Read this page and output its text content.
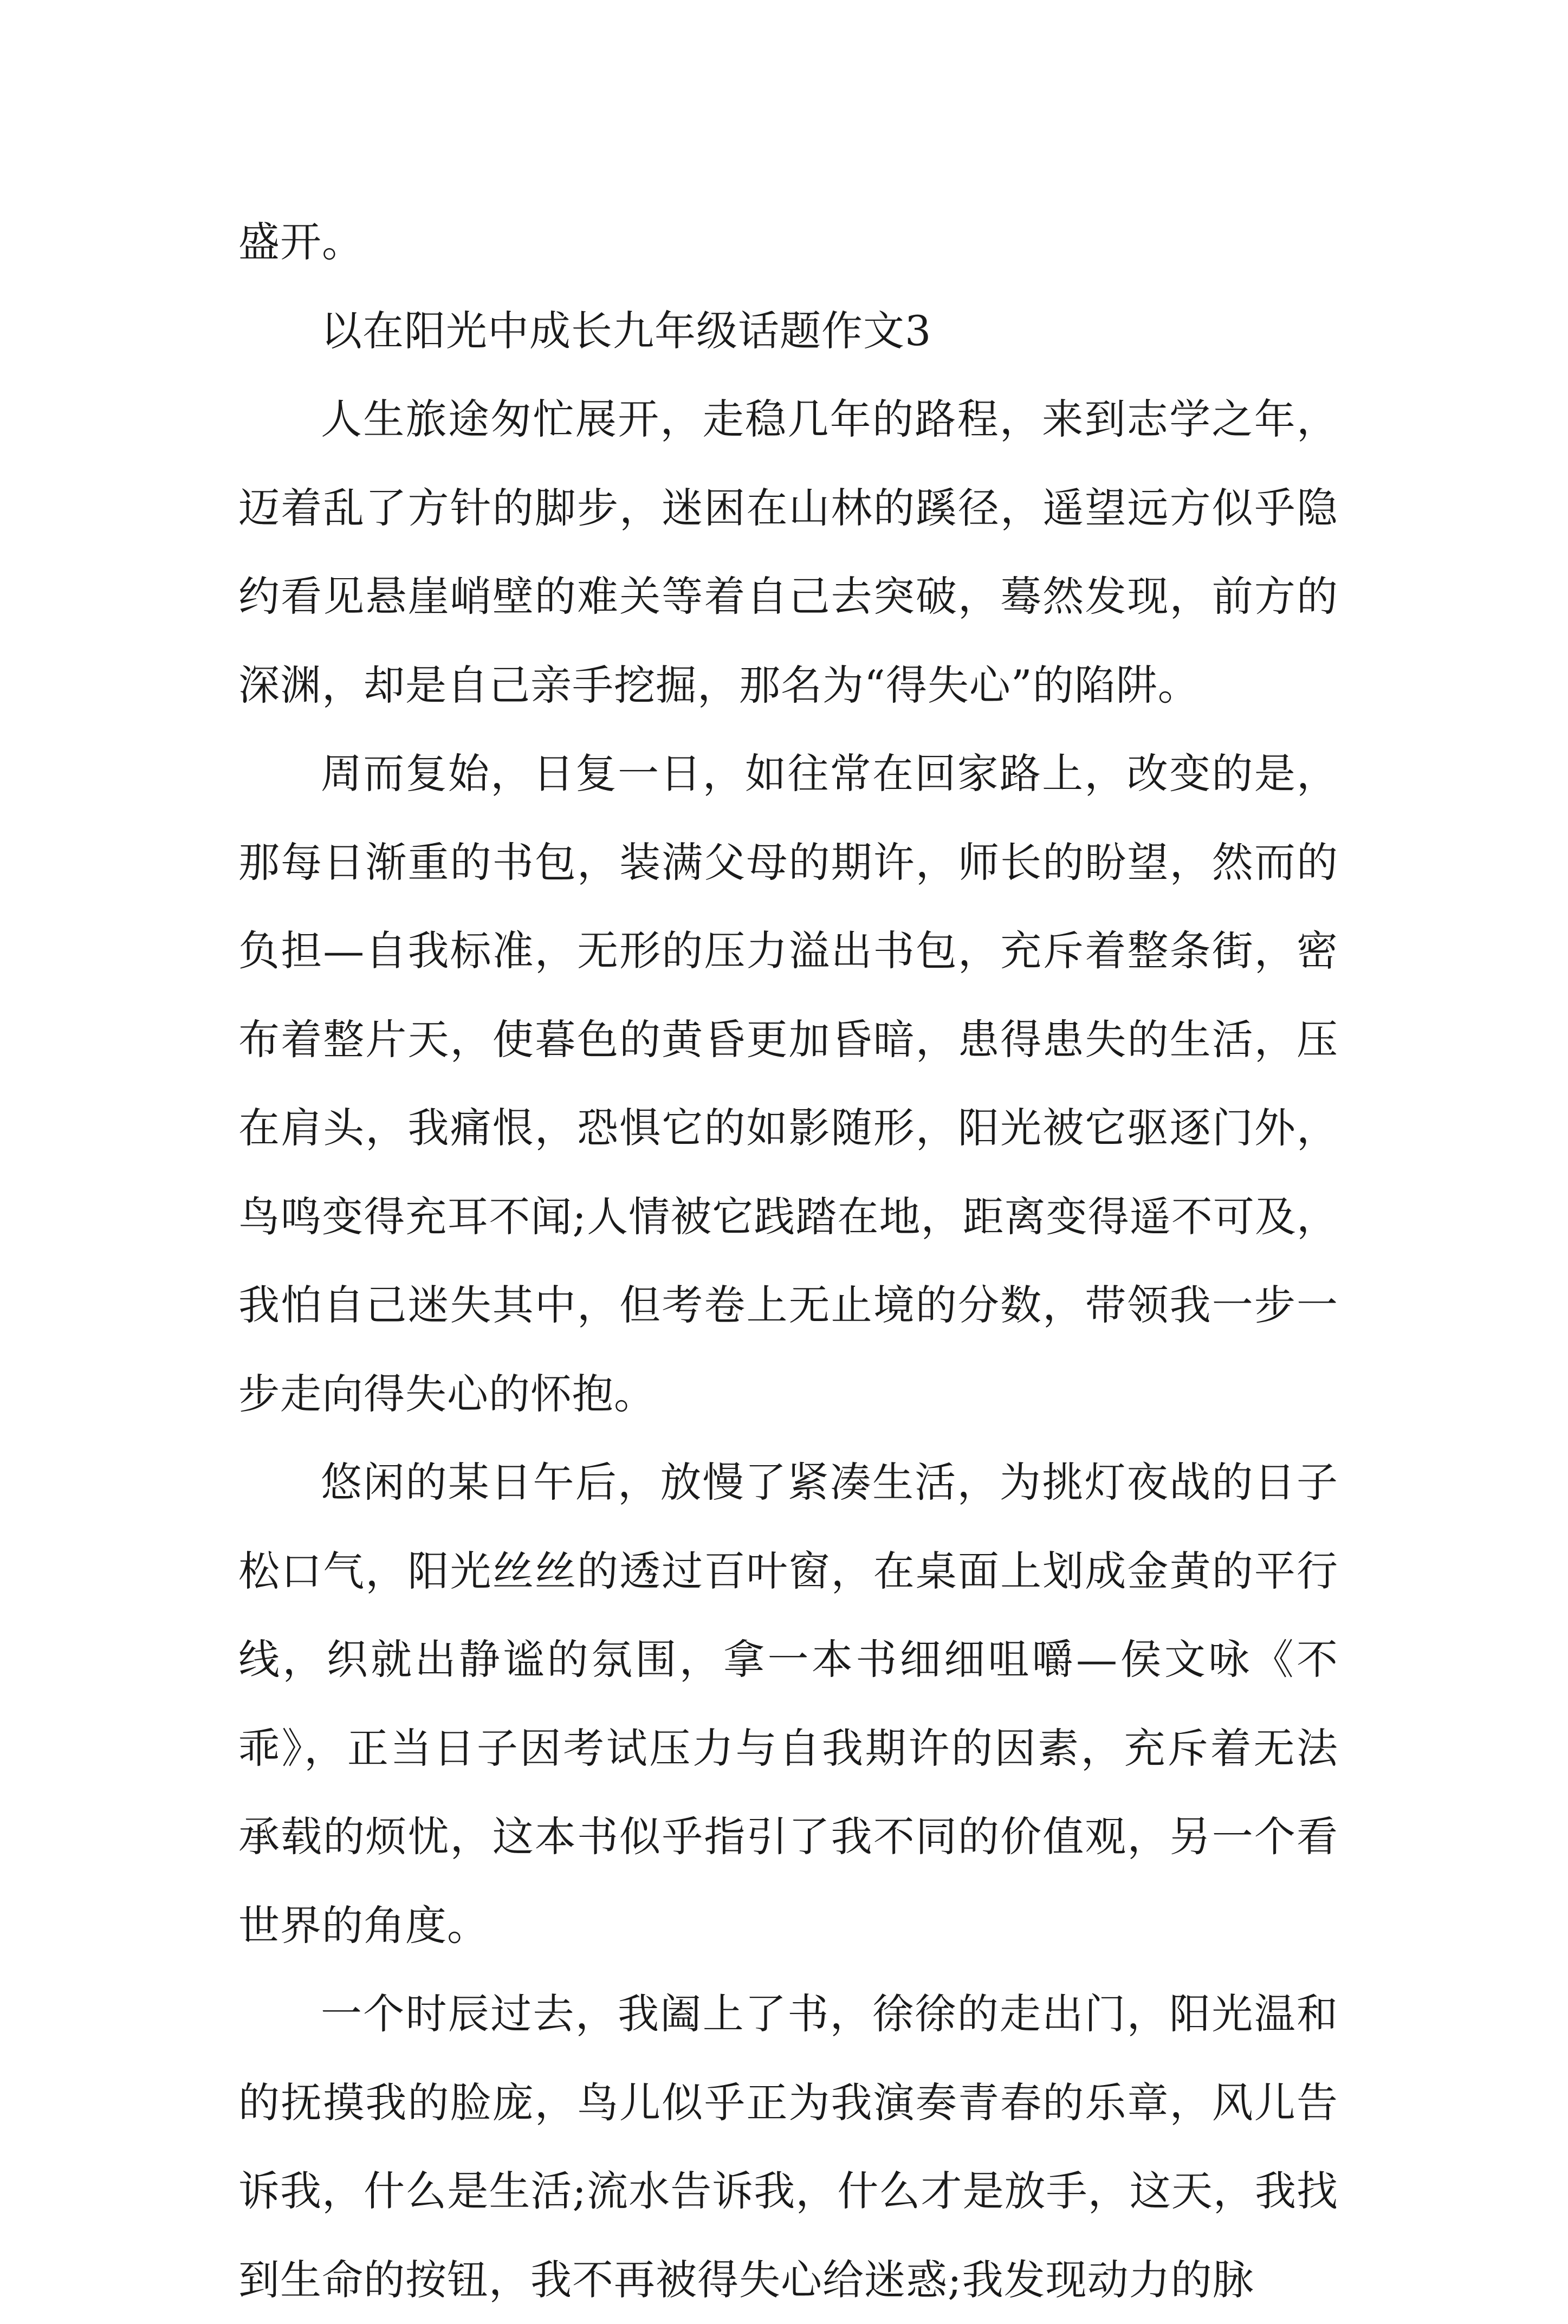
盛开。

以在阳光中成长九年级话题作文3

人生旅途匆忙展开，走稳几年的路程，来到志学之年，迈着乱了方针的脚步，迷困在山林的蹊径，遥望远方似乎隐约看见悬崖峭壁的难关等着自己去突破，蓦然发现，前方的深渊，却是自己亲手挖掘，那名为“得失心”的陷阱。

周而复始，日复一日，如往常在回家路上，改变的是，那每日渐重的书包，装满父母的期许，师长的盼望，然而的负担—自我标准，无形的压力溢出书包，充斥着整条街，密布着整片天，使暮色的黄昏更加昏暗，患得患失的生活，压在肩头，我痛恨，恐惧它的如影随形，阳光被它驱逐门外，鸟鸣变得充耳不闻;人情被它践踏在地，距离变得遥不可及，我怕自己迷失其中，但考卷上无止境的分数，带领我一步一步走向得失心的怀抱。

悠闲的某日午后，放慢了紧凑生活，为挑灯夜战的日子松口气，阳光丝丝的透过百叶窗，在桌面上划成金黄的平行线，织就出静谧的氛围，拿一本书细细咀嚼—侯文咏《不乖》，正当日子因考试压力与自我期许的因素，充斥着无法承载的烦忧，这本书似乎指引了我不同的价值观，另一个看世界的角度。

一个时辰过去，我阖上了书，徐徐的走出门，阳光温和的抚摸我的脸庞，鸟儿似乎正为我演奏青春的乐章，风儿告诉我，什么是生活;流水告诉我，什么才是放手，这天，我找到生命的按钮，我不再被得失心给迷惑;我发现动力的脉
